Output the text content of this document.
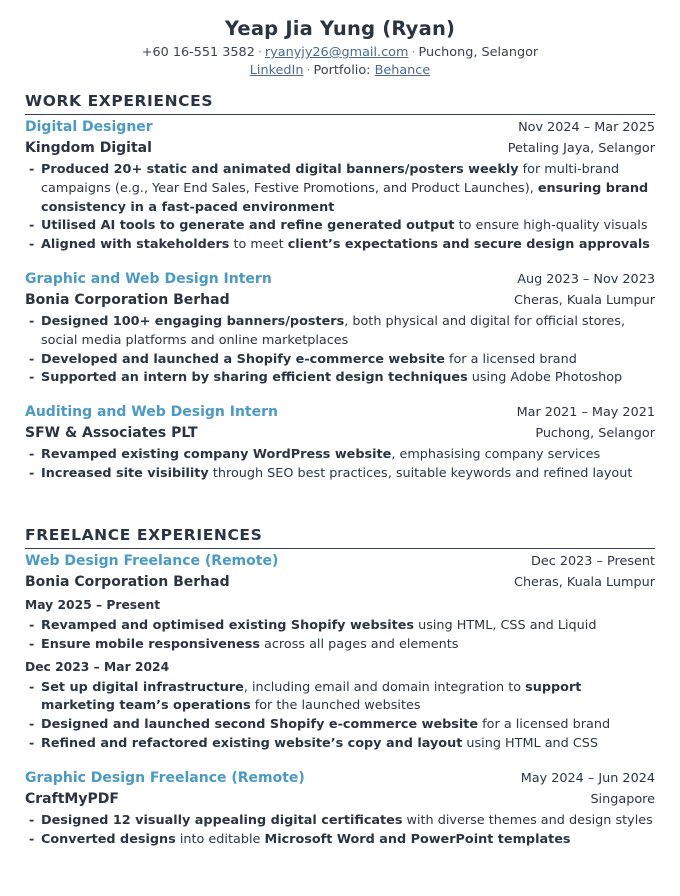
Yeap Jia Yung (Ryan)
+60 16-551 3582 · ryanyjy26@gmail.com · Puchong, Selangor
LinkedIn · Portfolio: Behance
WORK EXPERIENCES
Digital Designer	Nov 2024 – Mar 2025
Kingdom Digital	Petaling Jaya, Selangor
- Produced 20+ static and animated digital banners/posters weekly for multi-brand campaigns (e.g., Year End Sales, Festive Promotions, and Product Launches), ensuring brand consistency in a fast-paced environment
- Utilised AI tools to generate and refine generated output to ensure high-quality visuals
- Aligned with stakeholders to meet client’s expectations and secure design approvals
Graphic and Web Design Intern	Aug 2023 – Nov 2023
Bonia Corporation Berhad	Cheras, Kuala Lumpur
- Designed 100+ engaging banners/posters, both physical and digital for official stores, social media platforms and online marketplaces
- Developed and launched a Shopify e-commerce website for a licensed brand
- Supported an intern by sharing efficient design techniques using Adobe Photoshop
Auditing and Web Design Intern	Mar 2021 – May 2021
SFW & Associates PLT	Puchong, Selangor
- Revamped existing company WordPress website, emphasising company services
- Increased site visibility through SEO best practices, suitable keywords and refined layout
FREELANCE EXPERIENCES
Web Design Freelance (Remote)	Dec 2023 – Present
Bonia Corporation Berhad	Cheras, Kuala Lumpur
May 2025 – Present
- Revamped and optimised existing Shopify websites using HTML, CSS and Liquid
- Ensure mobile responsiveness across all pages and elements
Dec 2023 – Mar 2024
- Set up digital infrastructure, including email and domain integration to support marketing team’s operations for the launched websites
- Designed and launched second Shopify e-commerce website for a licensed brand
- Refined and refactored existing website’s copy and layout using HTML and CSS
Graphic Design Freelance (Remote)	May 2024 – Jun 2024
CraftMyPDF	Singapore
- Designed 12 visually appealing digital certificates with diverse themes and design styles
- Converted designs into editable Microsoft Word and PowerPoint templates
